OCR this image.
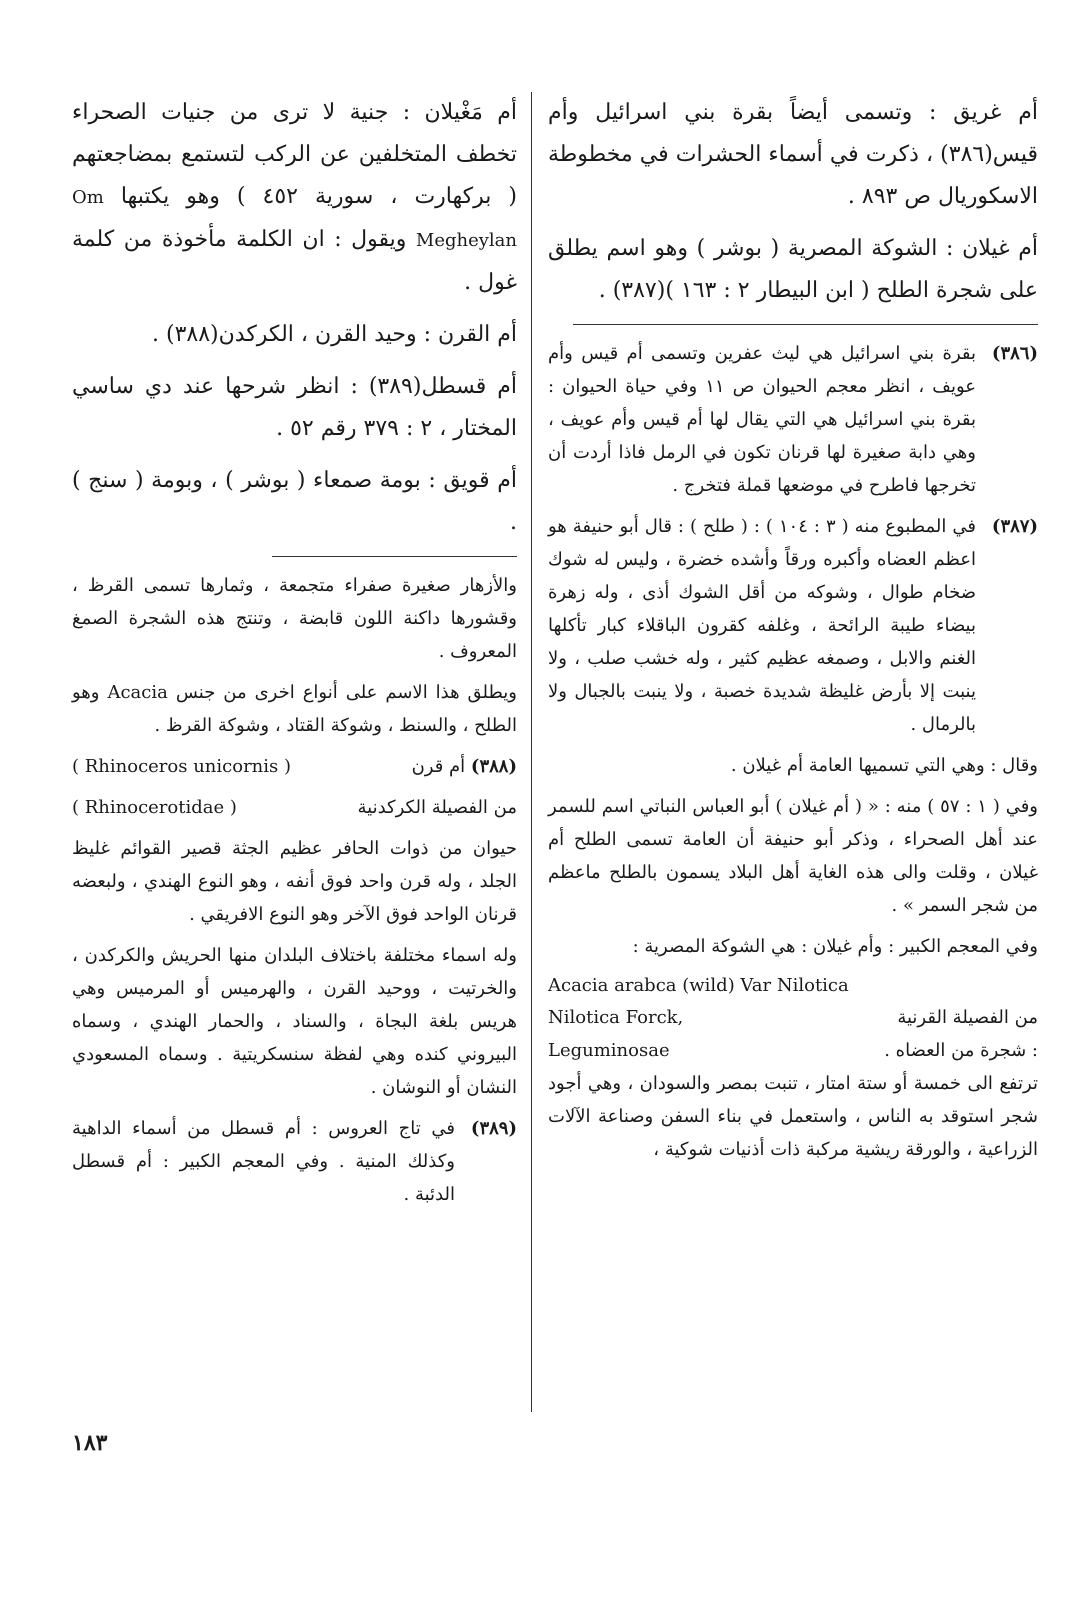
أم غريق : وتسمى أيضاً بقرة بني اسرائيل وأم قيس(٣٨٦) ، ذكرت في أسماء الحشرات في مخطوطة الاسكوريال ص ٨٩٣ .

أم غيلان : الشوكة المصرية ( بوشر ) وهو اسم يطلق على شجرة الطلح ( ابن البيطار ٢ : ١٦٣ )(٣٨٧) .

(٣٨٦)
بقرة بني اسرائيل هي ليث عفرين وتسمى أم قيس وأم عويف ، انظر معجم الحيوان ص ١١ وفي حياة الحيوان : بقرة بني اسرائيل هي التي يقال لها أم قيس وأم عويف ، وهي دابة صغيرة لها قرنان تكون في الرمل فاذا أردت أن تخرجها فاطرح في موضعها قملة فتخرج .
(٣٨٧)
في المطبوع منه ( ٣ : ١٠٤ ) : ( طلح ) : قال أبو حنيفة هو اعظم العضاه وأكبره ورقاً وأشده خضرة ، وليس له شوك ضخام طوال ، وشوكه من أقل الشوك أذى ، وله زهرة بيضاء طيبة الرائحة ، وغلفه كقرون الباقلاء كبار تأكلها الغنم والابل ، وصمغه عظيم كثير ، وله خشب صلب ، ولا ينبت إلا بأرض غليظة شديدة خصبة ، ولا ينبت بالجبال ولا بالرمال .

وقال : وهي التي تسميها العامة أم غيلان .

وفي ( ١ : ٥٧ ) منه : « ( أم غيلان ) أبو العباس النباتي اسم للسمر عند أهل الصحراء ، وذكر أبو حنيفة أن العامة تسمى الطلح أم غيلان ، وقلت والى هذه الغاية أهل البلاد يسمون بالطلح ماعظم من شجر السمر » .

وفي المعجم الكبير : وأم غيلان : هي الشوكة المصرية :

Acacia arabca (wild) Var Nilotica
من الفصيلة القرنية
Nilotica Forck,
: شجرة من العضاه .
Leguminosae

ترتفع الى خمسة أو ستة امتار ، تنبت بمصر والسودان ، وهي أجود شجر استوقد به الناس ، واستعمل في بناء السفن وصناعة الآلات الزراعية ، والورقة ريشية مركبة ذات أذنيات شوكية ،

أم مَغْيلان : جنية لا ترى من جنيات الصحراء تخطف المتخلفين عن الركب لتستمع بمضاجعتهم ( بركهارت ، سورية ٤٥٢ ) وهو يكتبها Om Megheylan ويقول : ان الكلمة مأخوذة من كلمة غول .

أم القرن : وحيد القرن ، الكركدن(٣٨٨) .

أم قسطل(٣٨٩) : انظر شرحها عند دي ساسي المختار ، ٢ : ٣٧٩ رقم ٥٢ .

أم قويق : بومة صمعاء ( بوشر ) ، وبومة ( سنج ) .

والأزهار صغيرة صفراء متجمعة ، وثمارها تسمى القرظ ، وقشورها داكنة اللون قابضة ، وتنتج هذه الشجرة الصمغ المعروف .

ويطلق هذا الاسم على أنواع اخرى من جنس Acacia وهو الطلح ، والسنط ، وشوكة القتاد ، وشوكة القرظ .

(٣٨٨) أم قرن
( Rhinoceros unicornis )
من الفصيلة الكركدنية
( Rhinocerotidae )

حيوان من ذوات الحافر عظيم الجثة قصير القوائم غليظ الجلد ، وله قرن واحد فوق أنفه ، وهو النوع الهندي ، ولبعضه قرنان الواحد فوق الآخر وهو النوع الافريقي .

وله اسماء مختلفة باختلاف البلدان منها الحريش والكركدن ، والخرتيت ، ووحيد القرن ، والهرميس أو المرميس وهي هريس بلغة البجاة ، والسناد ، والحمار الهندي ، وسماه البيروني كنده وهي لفظة سنسكريتية . وسماه المسعودي النشان أو النوشان .

(٣٨٩)
في تاج العروس : أم قسطل من أسماء الداهية وكذلك المنية . وفي المعجم الكبير : أم قسطل الدئبة .
١٨٣
